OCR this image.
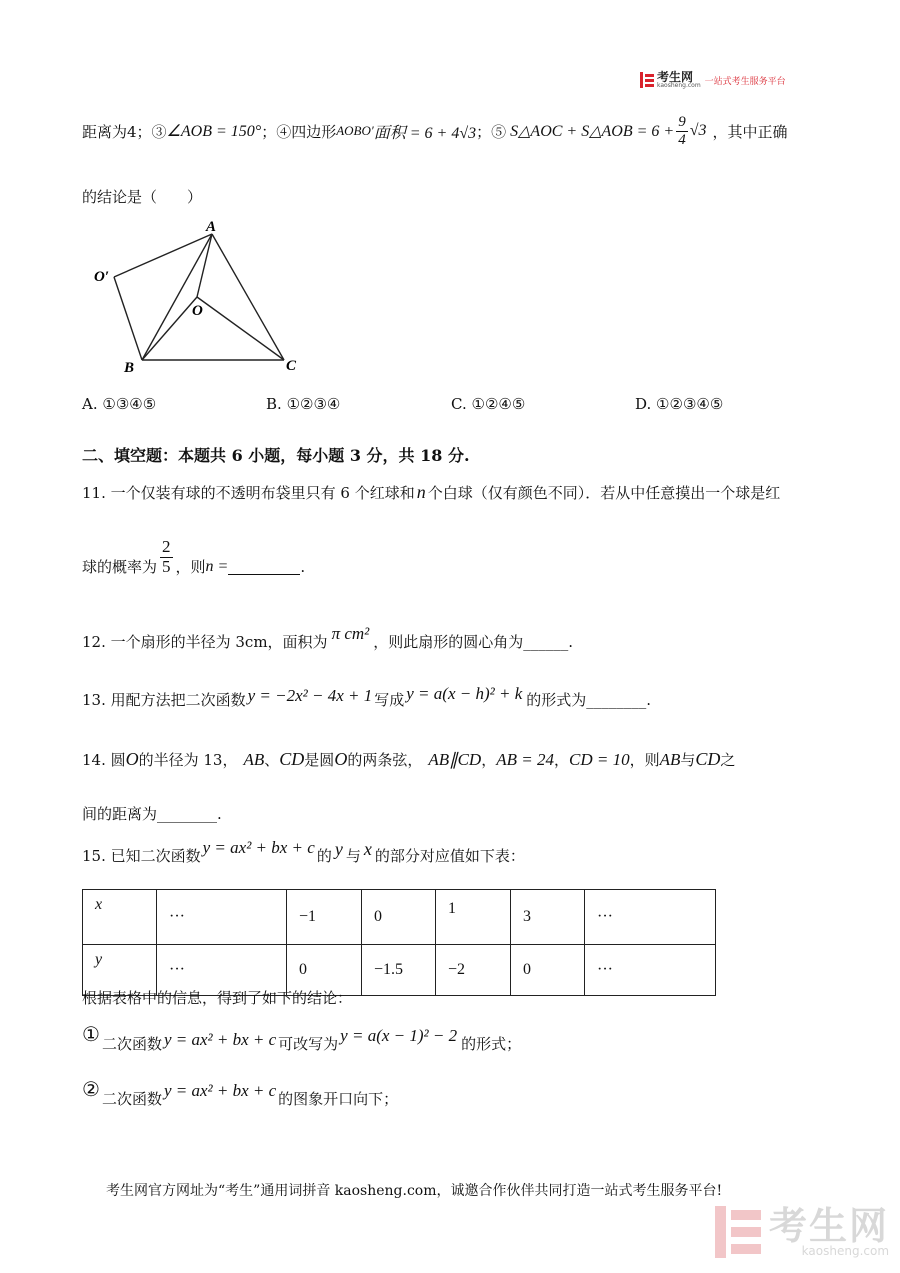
考生网
kaosheng.com 一站式考生服务平台
距离为4；③ ∠AOB = 150° ；④四边形 AOBO′ 面积 = 6 + 4√3 ；⑤ S△AOC + S△AOB = $6 + \frac{9}{4} √3$ ，其中正确
的结论是（　　）
A
O′
O
B	C
A. ①③④⑤	B. ①②③④	C. ①②④⑤	D. ①②③④⑤
二、填空题：本题共 6 小题，每小题 3 分，共 18 分.
11. 一个仅装有球的不透明布袋里只有 6 个红球和 n 个白球（仅有颜色不同）．若从中任意摸出一个球是红
球的概率为 $\frac{2}{5}$ ，则 n =	.
12. 一个扇形的半径为 3cm，面积为 π cm² ，则此扇形的圆心角为______.
13. 用配方法把二次函数 y = −2x² − 4x + 1 写成 y = a(x − h)² + k 的形式为________.
14. 圆 O 的半径为 13， AB 、 CD 是圆 O 的两条弦， AB∥CD ， AB = 24 ， CD = 10 ，则 AB 与 CD 之
间的距离为________.
15. 已知二次函数 y = ax² + bx + c 的 y 与 x 的部分对应值如下表：
x	···	−1	0	1	3	···
y	···	0	−1.5	−2	0	···
根据表格中的信息，得到了如下的结论：
① 二次函数 y = ax² + bx + c 可改写为 y = a(x − 1)² − 2 的形式；
② 二次函数 y = ax² + bx + c 的图象开口向下；
考生网官方网址为“考生”通用词拼音 kaosheng.com，诚邀合作伙伴共同打造一站式考生服务平台!
考生网
kaosheng.com
